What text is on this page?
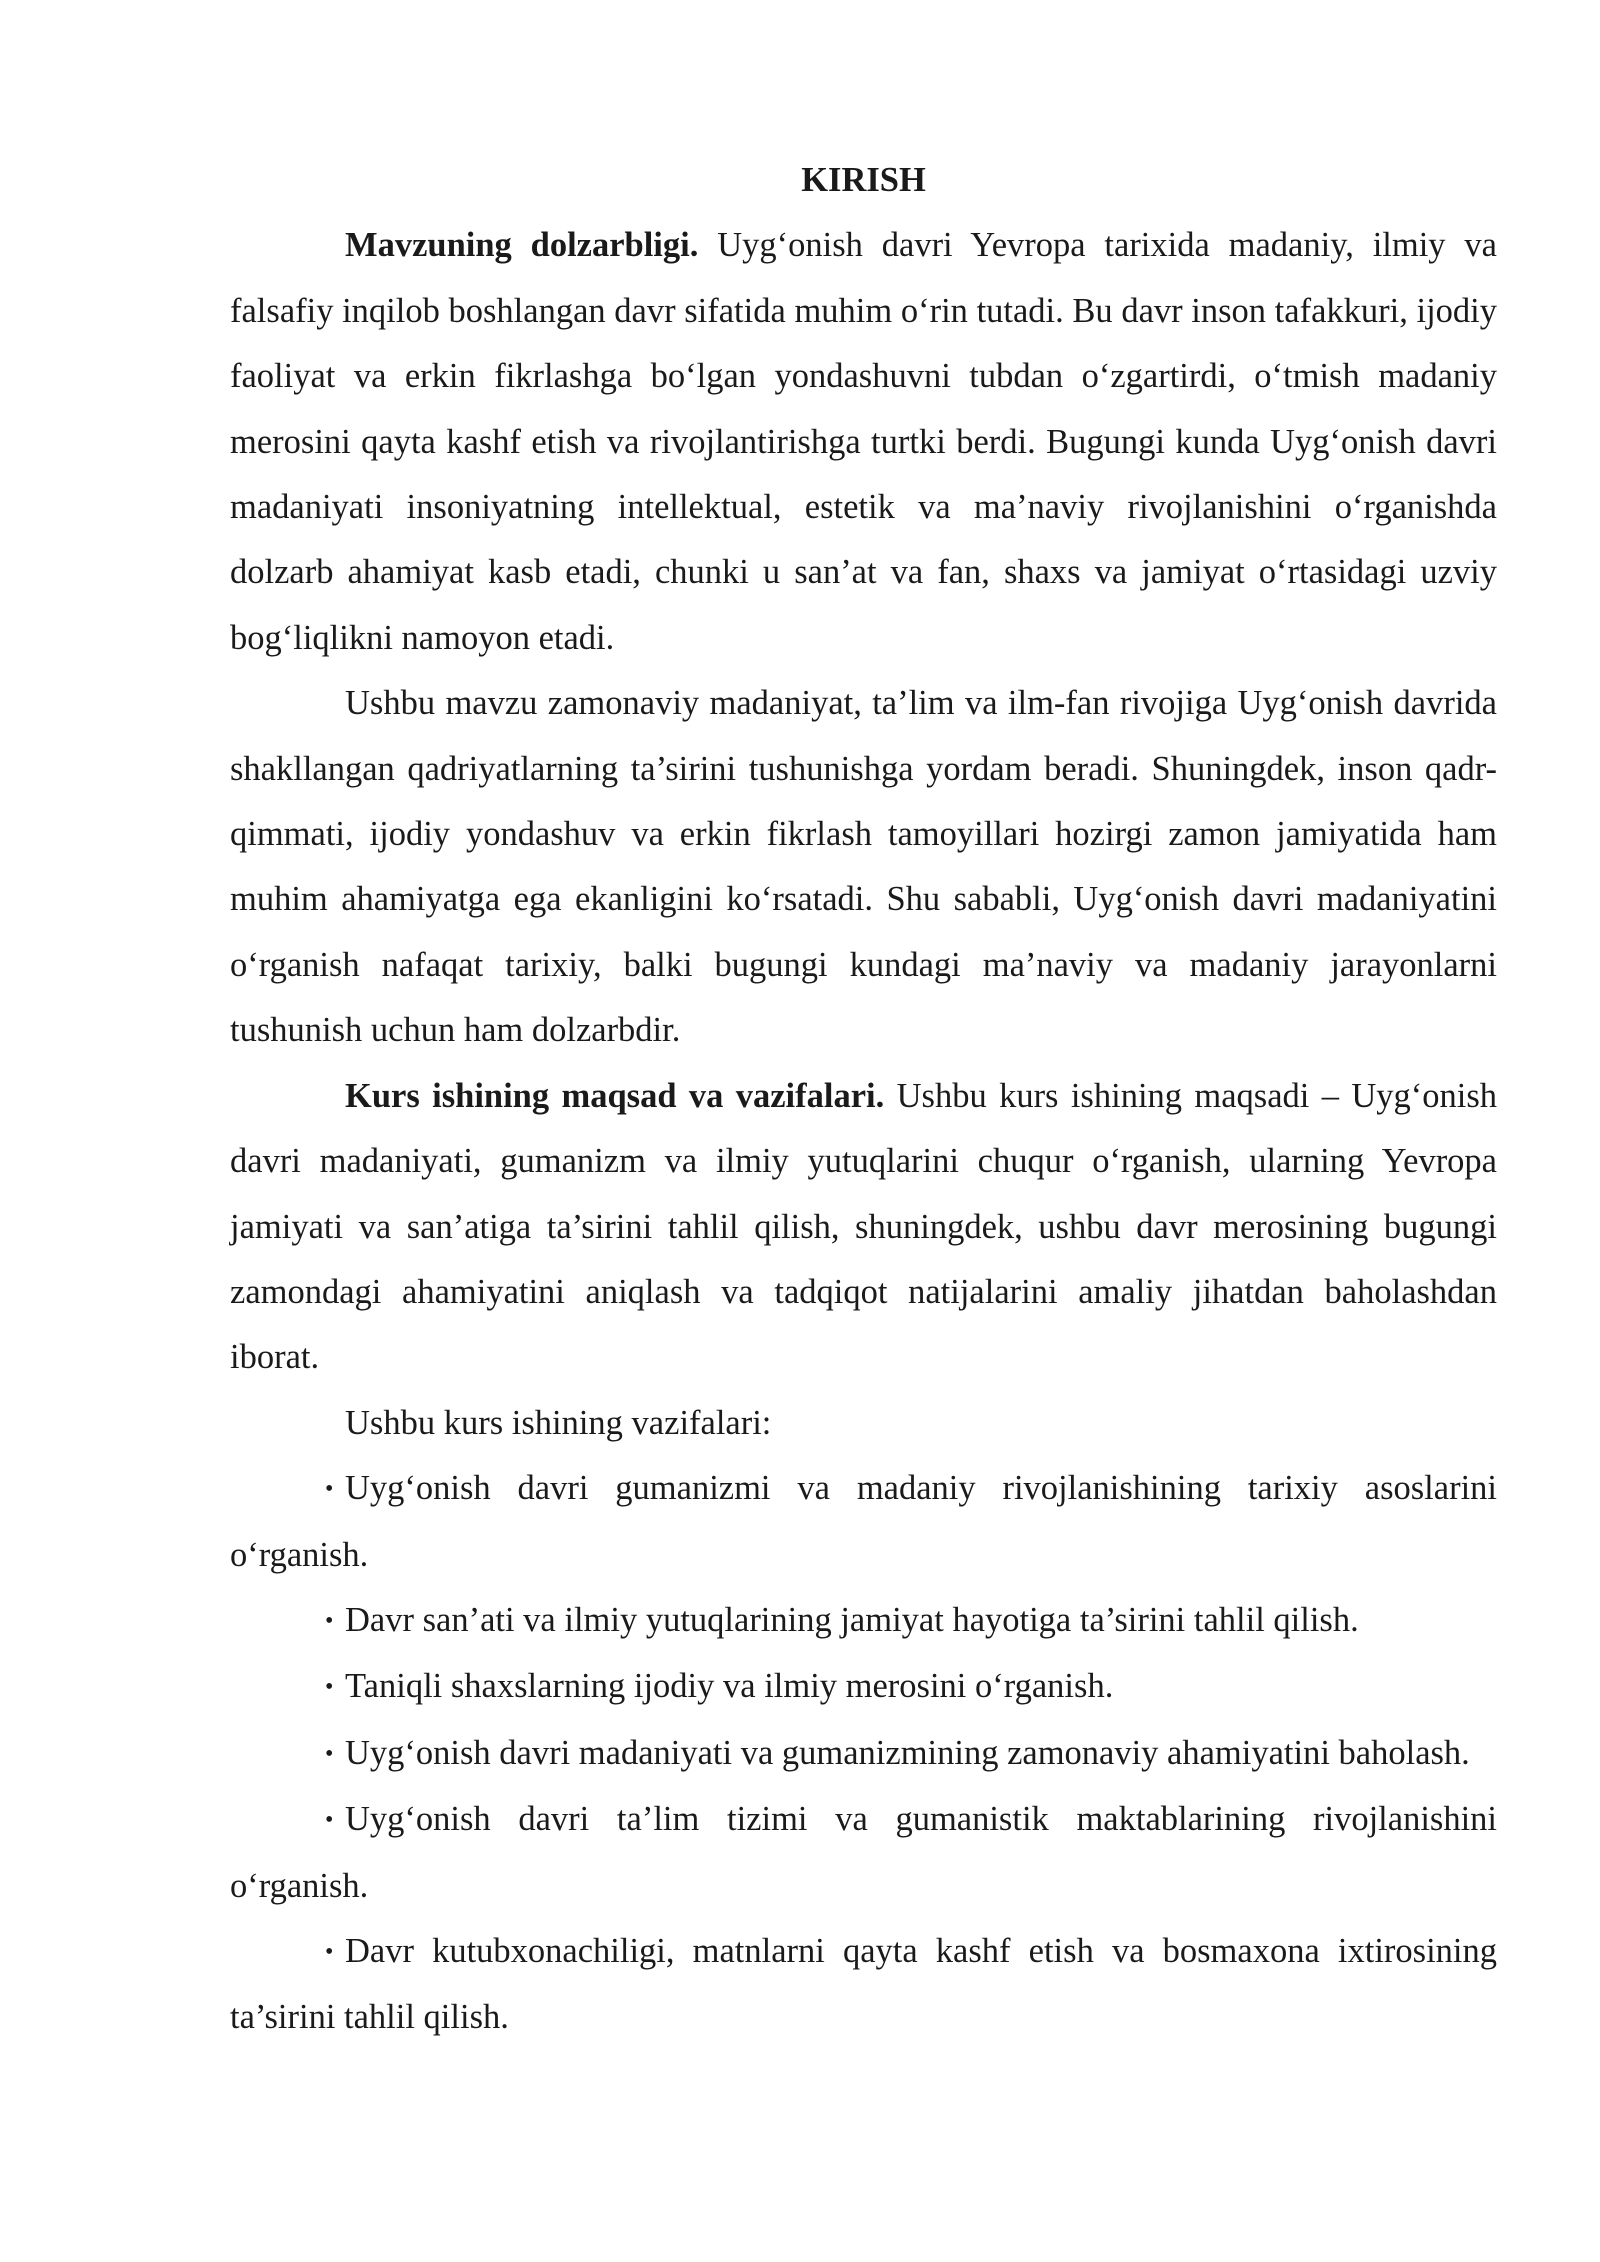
KIRISH

Mavzuning dolzarbligi. Uyg‘onish davri Yevropa tarixida madaniy, ilmiy va falsafiy inqilob boshlangan davr sifatida muhim o‘rin tutadi. Bu davr inson tafakkuri, ijodiy faoliyat va erkin fikrlashga bo‘lgan yondashuvni tubdan o‘zgartirdi, o‘tmish madaniy merosini qayta kashf etish va rivojlantirishga turtki berdi. Bugungi kunda Uyg‘onish davri madaniyati insoniyatning intellektual, estetik va ma’naviy rivojlanishini o‘rganishda dolzarb ahamiyat kasb etadi, chunki u san’at va fan, shaxs va jamiyat o‘rtasidagi uzviy bog‘liqlikni namoyon etadi.

Ushbu mavzu zamonaviy madaniyat, ta’lim va ilm-fan rivojiga Uyg‘onish davrida shakllangan qadriyatlarning ta’sirini tushunishga yordam beradi. Shuningdek, inson qadr-qimmati, ijodiy yondashuv va erkin fikrlash tamoyillari hozirgi zamon jamiyatida ham muhim ahamiyatga ega ekanligini ko‘rsatadi. Shu sababli, Uyg‘onish davri madaniyatini o‘rganish nafaqat tarixiy, balki bugungi kundagi ma’naviy va madaniy jarayonlarni tushunish uchun ham dolzarbdir.

Kurs ishining maqsad va vazifalari. Ushbu kurs ishining maqsadi – Uyg‘onish davri madaniyati, gumanizm va ilmiy yutuqlarini chuqur o‘rganish, ularning Yevropa jamiyati va san’atiga ta’sirini tahlil qilish, shuningdek, ushbu davr merosining bugungi zamondagi ahamiyatini aniqlash va tadqiqot natijalarini amaliy jihatdan baholashdan iborat.

Ushbu kurs ishining vazifalari:

• Uyg‘onish davri gumanizmi va madaniy rivojlanishining tarixiy asoslarini o‘rganish.
• Davr san’ati va ilmiy yutuqlarining jamiyat hayotiga ta’sirini tahlil qilish.
• Taniqli shaxslarning ijodiy va ilmiy merosini o‘rganish.
• Uyg‘onish davri madaniyati va gumanizmining zamonaviy ahamiyatini baholash.
• Uyg‘onish davri ta’lim tizimi va gumanistik maktablarining rivojlanishini o‘rganish.
• Davr kutubxonachiligi, matnlarni qayta kashf etish va bosmaxona ixtirosining ta’sirini tahlil qilish.
